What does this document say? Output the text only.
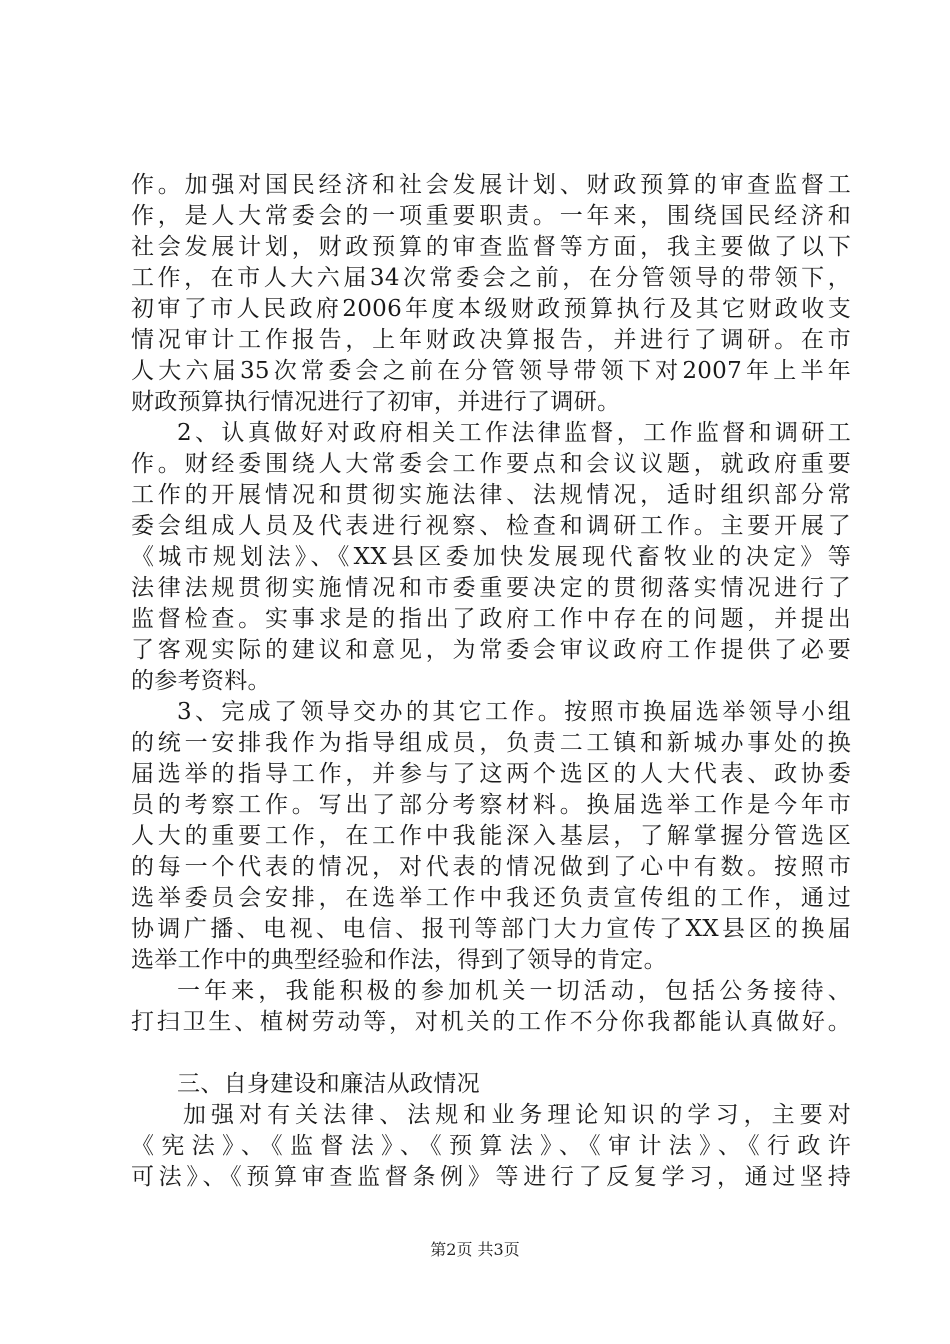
作。加强对国民经济和社会发展计划、财政预算的审查监督工
作，是人大常委会的一项重要职责。一年来，围绕国民经济和
社会发展计划，财政预算的审查监督等方面，我主要做了以下
工作，在市人大六届34次常委会之前，在分管领导的带领下，
初审了市人民政府2006年度本级财政预算执行及其它财政收支
情况审计工作报告，上年财政决算报告，并进行了调研。在市
人大六届35次常委会之前在分管领导带领下对2007年上半年
财政预算执行情况进行了初审，并进行了调研。
2、认真做好对政府相关工作法律监督，工作监督和调研工
作。财经委围绕人大常委会工作要点和会议议题，就政府重要
工作的开展情况和贯彻实施法律、法规情况，适时组织部分常
委会组成人员及代表进行视察、检查和调研工作。主要开展了
《城市规划法》、《XX县区委加快发展现代畜牧业的决定》等
法律法规贯彻实施情况和市委重要决定的贯彻落实情况进行了
监督检查。实事求是的指出了政府工作中存在的问题，并提出
了客观实际的建议和意见，为常委会审议政府工作提供了必要
的参考资料。
3、完成了领导交办的其它工作。按照市换届选举领导小组
的统一安排我作为指导组成员，负责二工镇和新城办事处的换
届选举的指导工作，并参与了这两个选区的人大代表、政协委
员的考察工作。写出了部分考察材料。换届选举工作是今年市
人大的重要工作，在工作中我能深入基层，了解掌握分管选区
的每一个代表的情况，对代表的情况做到了心中有数。按照市
选举委员会安排，在选举工作中我还负责宣传组的工作，通过
协调广播、电视、电信、报刊等部门大力宣传了XX县区的换届
选举工作中的典型经验和作法，得到了领导的肯定。
一年来，我能积极的参加机关一切活动，包括公务接待、
打扫卫生、植树劳动等，对机关的工作不分你我都能认真做好。
三、自身建设和廉洁从政情况
加强对有关法律、法规和业务理论知识的学习，主要对
《宪法》、《监督法》、《预算法》、《审计法》、《行政许
可法》、《预算审查监督条例》等进行了反复学习，通过坚持
第2页 共3页
